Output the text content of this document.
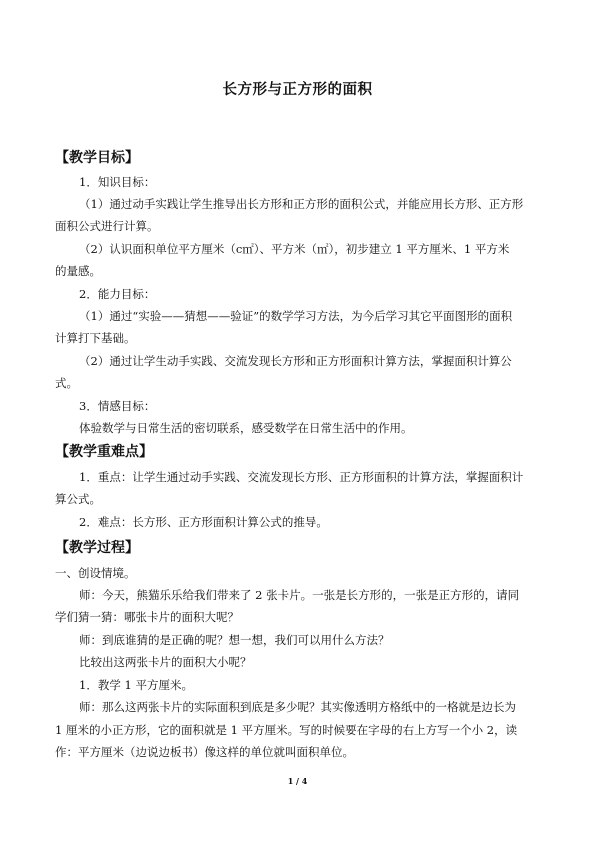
长方形与正方形的面积
【教学目标】
1．知识目标：
（1）通过动手实践让学生推导出长方形和正方形的面积公式，并能应用长方形、正方形
面积公式进行计算。
（2）认识面积单位平方厘米（c㎡）、平方米（㎡），初步建立 1 平方厘米、1 平方米
的量感。
2．能力目标：
（1）通过“实验——猜想——验证”的数学学习方法，为今后学习其它平面图形的面积
计算打下基础。
（2）通过让学生动手实践、交流发现长方形和正方形面积计算方法，掌握面积计算公
式。
3．情感目标：
体验数学与日常生活的密切联系，感受数学在日常生活中的作用。
【教学重难点】
1．重点：让学生通过动手实践、交流发现长方形、正方形面积的计算方法，掌握面积计
算公式。
2．难点：长方形、正方形面积计算公式的推导。
【教学过程】
一、创设情境。
师：今天，熊猫乐乐给我们带来了 2 张卡片。一张是长方形的，一张是正方形的，请同
学们猜一猜：哪张卡片的面积大呢？
师：到底谁猜的是正确的呢？想一想，我们可以用什么方法？
比较出这两张卡片的面积大小呢？
1．教学 1 平方厘米。
师：那么这两张卡片的实际面积到底是多少呢？其实像透明方格纸中的一格就是边长为
1 厘米的小正方形，它的面积就是 1 平方厘米。写的时候要在字母的右上方写一个小 2，读
作：平方厘米（边说边板书）像这样的单位就叫面积单位。
1 / 4
